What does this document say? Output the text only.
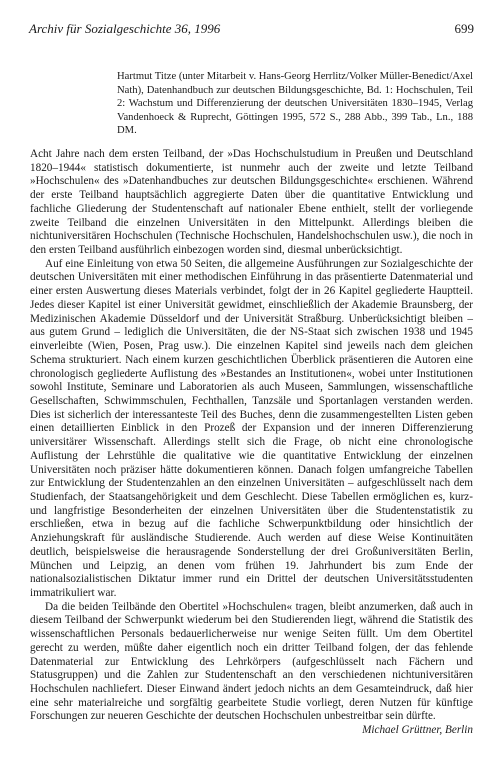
Archiv für Sozialgeschichte 36, 1996	699
Hartmut Titze (unter Mitarbeit v. Hans-Georg Herrlitz/Volker Müller-Benedict/Axel Nath), Datenhandbuch zur deutschen Bildungsgeschichte, Bd. 1: Hochschulen, Teil 2: Wachstum und Differenzierung der deutschen Universitäten 1830–1945, Verlag Vandenhoeck & Ruprecht, Göttingen 1995, 572 S., 288 Abb., 399 Tab., Ln., 188 DM.

Acht Jahre nach dem ersten Teilband, der »Das Hochschulstudium in Preußen und Deutschland 1820–1944« statistisch dokumentierte, ist nunmehr auch der zweite und letzte Teilband »Hochschulen« des »Datenhandbuches zur deutschen Bildungsgeschichte« erschienen. Während der erste Teilband hauptsächlich aggregierte Daten über die quantitative Entwicklung und fachliche Gliederung der Studentenschaft auf nationaler Ebene enthielt, stellt der vorliegende zweite Teilband die einzelnen Universitäten in den Mittelpunkt. Allerdings bleiben die nichtuniversitären Hochschulen (Technische Hochschulen, Handelshochschulen usw.), die noch in den ersten Teilband ausführlich einbezogen worden sind, diesmal unberücksichtigt.

Auf eine Einleitung von etwa 50 Seiten, die allgemeine Ausführungen zur Sozialgeschichte der deutschen Universitäten mit einer methodischen Einführung in das präsentierte Datenmaterial und einer ersten Auswertung dieses Materials verbindet, folgt der in 26 Kapitel gegliederte Hauptteil. Jedes dieser Kapitel ist einer Universität gewidmet, einschließlich der Akademie Braunsberg, der Medizinischen Akademie Düsseldorf und der Universität Straßburg. Unberücksichtigt bleiben – aus gutem Grund – lediglich die Universitäten, die der NS-Staat sich zwischen 1938 und 1945 einverleibte (Wien, Posen, Prag usw.). Die einzelnen Kapitel sind jeweils nach dem gleichen Schema strukturiert. Nach einem kurzen geschichtlichen Überblick präsentieren die Autoren eine chronologisch gegliederte Auflistung des »Bestandes an Institutionen«, wobei unter Institutionen sowohl Institute, Seminare und Laboratorien als auch Museen, Sammlungen, wissenschaftliche Gesellschaften, Schwimmschulen, Fechthallen, Tanzsäle und Sportanlagen verstanden werden. Dies ist sicherlich der interessanteste Teil des Buches, denn die zusammengestellten Listen geben einen detaillierten Einblick in den Prozeß der Expansion und der inneren Differenzierung universitärer Wissenschaft. Allerdings stellt sich die Frage, ob nicht eine chronologische Auflistung der Lehrstühle die qualitative wie die quantitative Entwicklung der einzelnen Universitäten noch präziser hätte dokumentieren können. Danach folgen umfangreiche Tabellen zur Entwicklung der Studentenzahlen an den einzelnen Universitäten – aufgeschlüsselt nach dem Studienfach, der Staatsangehörigkeit und dem Geschlecht. Diese Tabellen ermöglichen es, kurz- und langfristige Besonderheiten der einzelnen Universitäten über die Studentenstatistik zu erschließen, etwa in bezug auf die fachliche Schwerpunktbildung oder hinsichtlich der Anziehungskraft für ausländische Studierende. Auch werden auf diese Weise Kontinuitäten deutlich, beispielsweise die herausragende Sonderstellung der drei Großuniversitäten Berlin, München und Leipzig, an denen vom frühen 19. Jahrhundert bis zum Ende der nationalsozialistischen Diktatur immer rund ein Drittel der deutschen Universitätsstudenten immatrikuliert war.

Da die beiden Teilbände den Obertitel »Hochschulen« tragen, bleibt anzumerken, daß auch in diesem Teilband der Schwerpunkt wiederum bei den Studierenden liegt, während die Statistik des wissenschaftlichen Personals bedauerlicherweise nur wenige Seiten füllt. Um dem Obertitel gerecht zu werden, müßte daher eigentlich noch ein dritter Teilband folgen, der das fehlende Datenmaterial zur Entwicklung des Lehrkörpers (aufgeschlüsselt nach Fächern und Statusgruppen) und die Zahlen zur Studentenschaft an den verschiedenen nichtuniversitären Hochschulen nachliefert. Dieser Einwand ändert jedoch nichts an dem Gesamteindruck, daß hier eine sehr materialreiche und sorgfältig gearbeitete Studie vorliegt, deren Nutzen für künftige Forschungen zur neueren Geschichte der deutschen Hochschulen unbestreitbar sein dürfte.
Michael Grüttner, Berlin
